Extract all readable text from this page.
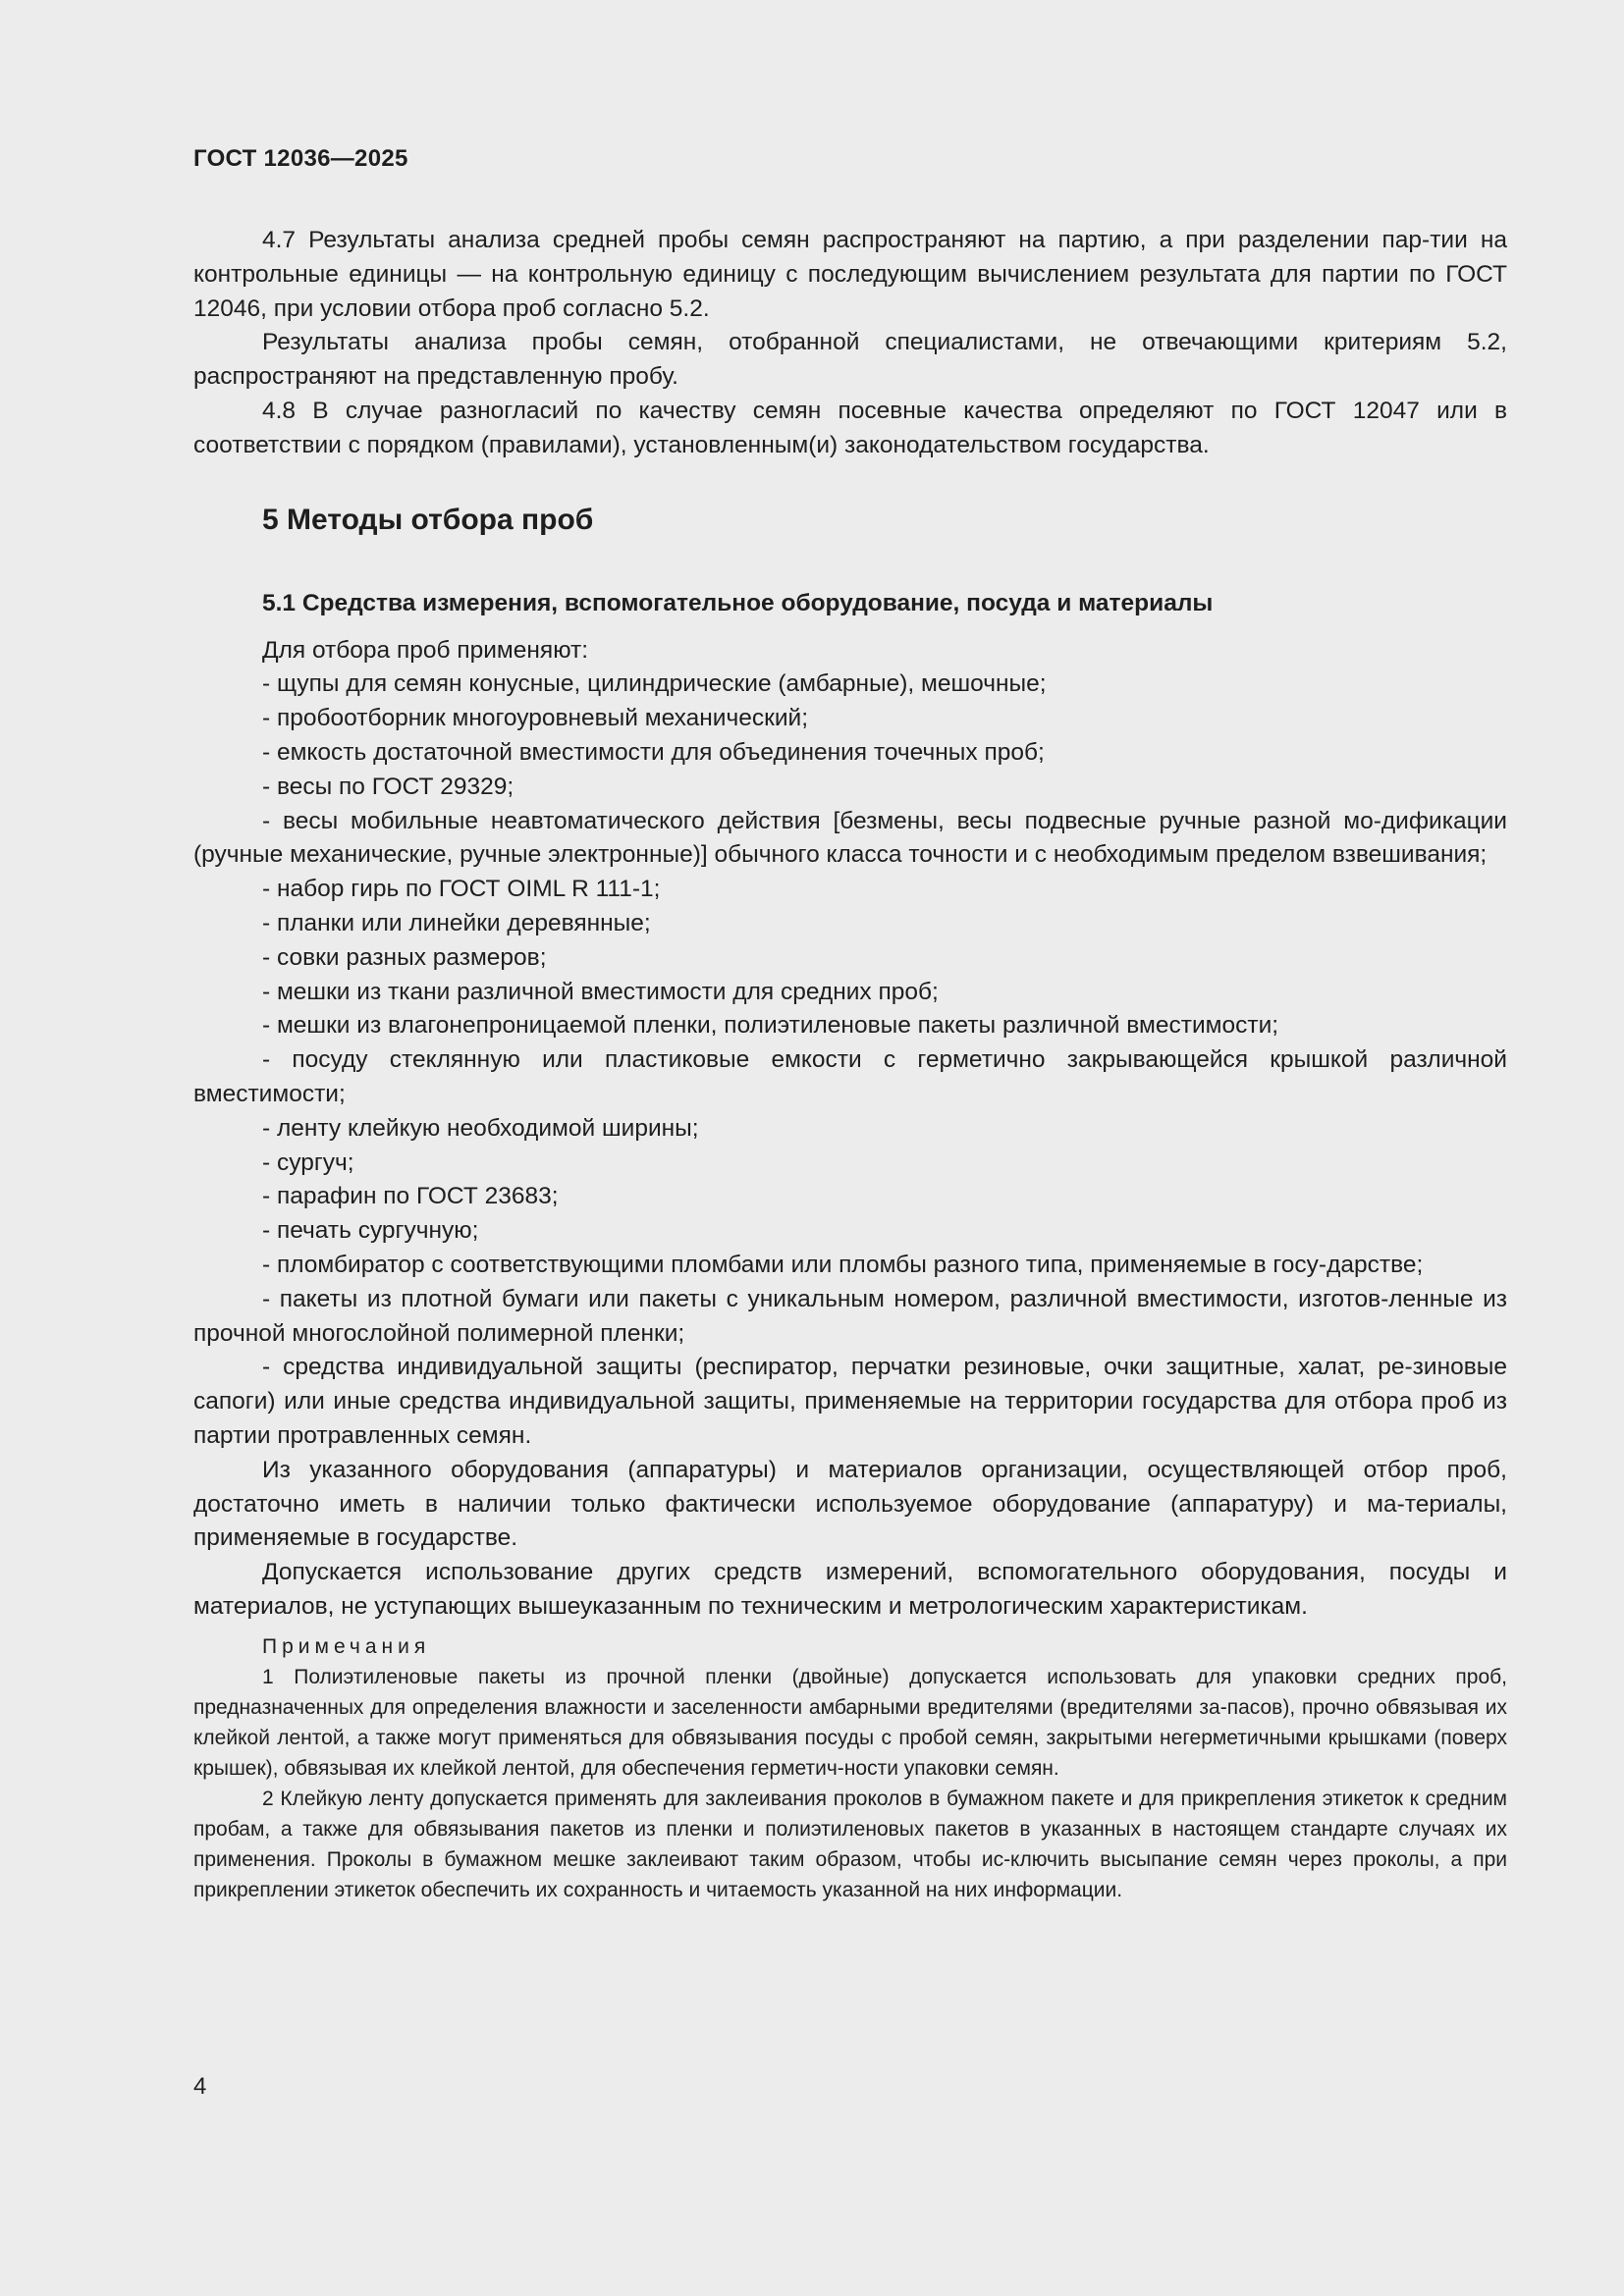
ГОСТ 12036—2025

4.7 Результаты анализа средней пробы семян распространяют на партию, а при разделении пар-тии на контрольные единицы — на контрольную единицу с последующим вычислением результата для партии по ГОСТ 12046, при условии отбора проб согласно 5.2.

Результаты анализа пробы семян, отобранной специалистами, не отвечающими критериям 5.2, распространяют на представленную пробу.

4.8 В случае разногласий по качеству семян посевные качества определяют по ГОСТ 12047 или в соответствии с порядком (правилами), установленным(и) законодательством государства.

5 Методы отбора проб
5.1 Средства измерения, вспомогательное оборудование, посуда и материалы

Для отбора проб применяют:

- щупы для семян конусные, цилиндрические (амбарные), мешочные;

- пробоотборник многоуровневый механический;

- емкость достаточной вместимости для объединения точечных проб;

- весы по ГОСТ 29329;

- весы мобильные неавтоматического действия [безмены, весы подвесные ручные разной мо-дификации (ручные механические, ручные электронные)] обычного класса точности и с необходимым пределом взвешивания;

- набор гирь по ГОСТ OIML R 111-1;

- планки или линейки деревянные;

- совки разных размеров;

- мешки из ткани различной вместимости для средних проб;

- мешки из влагонепроницаемой пленки, полиэтиленовые пакеты различной вместимости;

- посуду стеклянную или пластиковые емкости с герметично закрывающейся крышкой различной вместимости;

- ленту клейкую необходимой ширины;

- сургуч;

- парафин по ГОСТ 23683;

- печать сургучную;

- пломбиратор с соответствующими пломбами или пломбы разного типа, применяемые в госу-дарстве;

- пакеты из плотной бумаги или пакеты с уникальным номером, различной вместимости, изготов-ленные из прочной многослойной полимерной пленки;

- средства индивидуальной защиты (респиратор, перчатки резиновые, очки защитные, халат, ре-зиновые сапоги) или иные средства индивидуальной защиты, применяемые на территории государства для отбора проб из партии протравленных семян.

Из указанного оборудования (аппаратуры) и материалов организации, осуществляющей отбор проб, достаточно иметь в наличии только фактически используемое оборудование (аппаратуру) и ма-териалы, применяемые в государстве.

Допускается использование других средств измерений, вспомогательного оборудования, посуды и материалов, не уступающих вышеуказанным по техническим и метрологическим характеристикам.

Примечания

1 Полиэтиленовые пакеты из прочной пленки (двойные) допускается использовать для упаковки средних проб, предназначенных для определения влажности и заселенности амбарными вредителями (вредителями за-пасов), прочно обвязывая их клейкой лентой, а также могут применяться для обвязывания посуды с пробой семян, закрытыми негерметичными крышками (поверх крышек), обвязывая их клейкой лентой, для обеспечения герметич-ности упаковки семян.

2 Клейкую ленту допускается применять для заклеивания проколов в бумажном пакете и для прикрепления этикеток к средним пробам, а также для обвязывания пакетов из пленки и полиэтиленовых пакетов в указанных в настоящем стандарте случаях их применения. Проколы в бумажном мешке заклеивают таким образом, чтобы ис-ключить высыпание семян через проколы, а при прикреплении этикеток обеспечить их сохранность и читаемость указанной на них информации.

4
